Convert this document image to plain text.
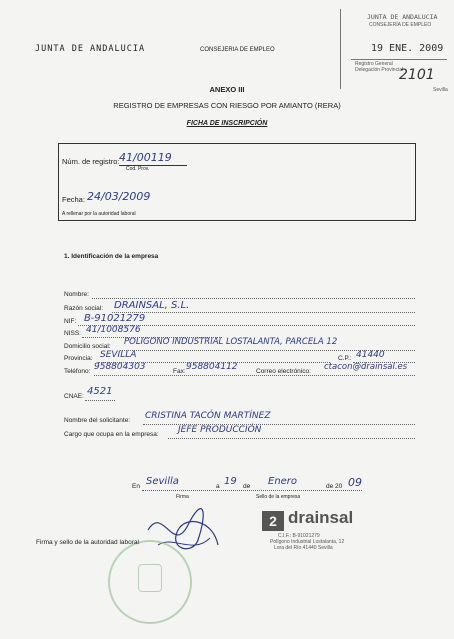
JUNTA DE ANDALUCIA	CONSEJERIA DE EMPLEO
JUNTA DE ANDALUCIA
CONSEJERÍA DE EMPLEO
19 ENE. 2009
Registro General
Delegación Provincial
2101
Sevilla
ANEXO III
REGISTRO DE EMPRESAS CON RIESGO POR AMIANTO (RERA)
FICHA DE INSCRIPCIÓN
Núm. de registro: 41/00119
Cod. Prov.
Fecha: 24/03/2009
A rellenar por la autoridad laboral
1. Identificación de la empresa
Nombre:
Razón social: DRAINSAL, S.L.
NIF: B-91021279
NISS: 41/1008576
Domicilio social: POLIGONO INDUSTRIAL LOSTALANTA, PARCELA 12
Provincia: SEVILLA	C.P.: 41440
Teléfono: 958804303	Fax: 958804112	Correo electrónico: ctacon@drainsal.es
CNAE: 4521
Nombre del solicitante: CRISTINA TACÓN MARTÍNEZ
Cargo que ocupa en la empresa: JEFE PRODUCCIÓN
En Sevilla	a 19 de Enero	de 20 09
Firma	Sello de la empresa
Firma y sello de la autoridad laboral
2 drainsal
C.I.F.: B-91021279
Polígono Industrial Lostalanta, 12
Lora del Río 41440 Sevilla
